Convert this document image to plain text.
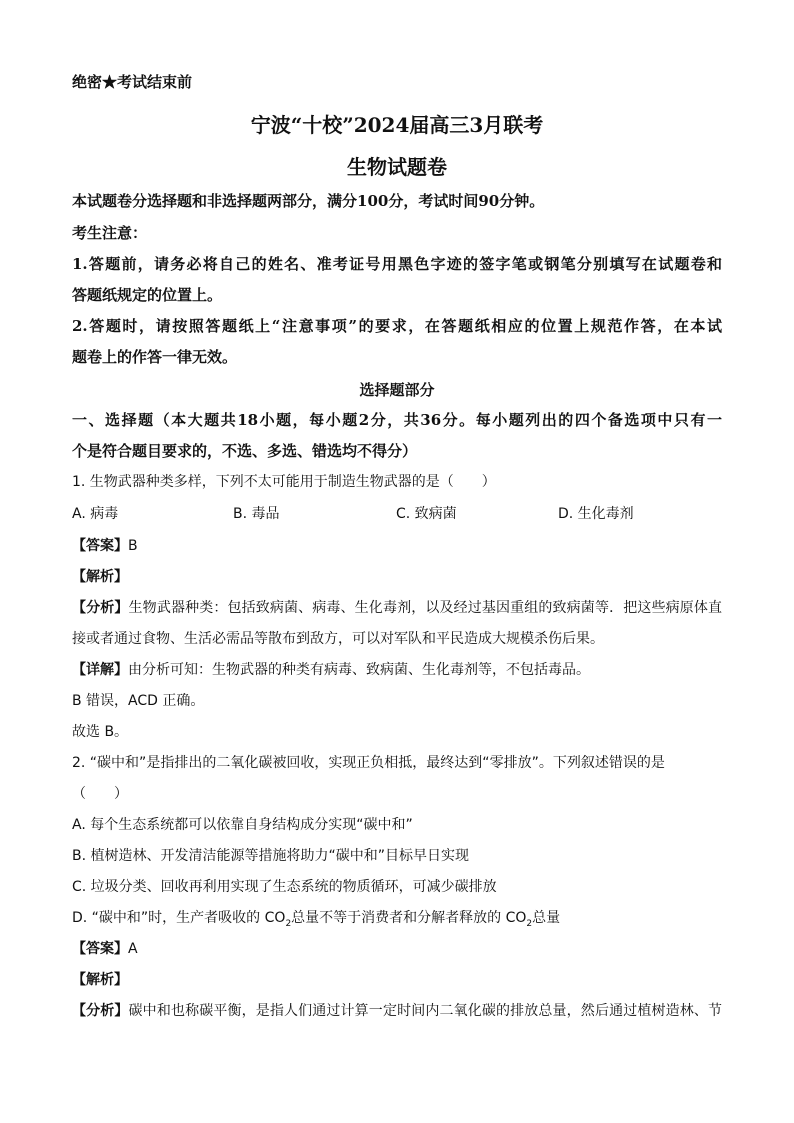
绝密★考试结束前
宁波“十校”2024届高三3月联考
生物试题卷
本试题卷分选择题和非选择题两部分，满分100分，考试时间90分钟。
考生注意：
1.答题前，请务必将自己的姓名、准考证号用黑色字迹的签字笔或钢笔分别填写在试题卷和
答题纸规定的位置上。
2.答题时，请按照答题纸上“注意事项”的要求，在答题纸相应的位置上规范作答，在本试
题卷上的作答一律无效。
选择题部分
一、选择题（本大题共18小题，每小题2分，共36分。每小题列出的四个备选项中只有一
个是符合题目要求的，不选、多选、错选均不得分）
1. 生物武器种类多样，下列不太可能用于制造生物武器的是（　　）
A. 病毒	B. 毒品	C. 致病菌	D. 生化毒剂
【答案】B
【解析】
【分析】生物武器种类：包括致病菌、病毒、生化毒剂，以及经过基因重组的致病菌等．把这些病原体直
接或者通过食物、生活必需品等散布到敌方，可以对军队和平民造成大规模杀伤后果。
【详解】由分析可知：生物武器的种类有病毒、致病菌、生化毒剂等，不包括毒品。
B 错误，ACD 正确。
故选 B。
2. “碳中和”是指排出的二氧化碳被回收，实现正负相抵，最终达到“零排放”。下列叙述错误的是
（　　）
A. 每个生态系统都可以依靠自身结构成分实现“碳中和”
B. 植树造林、开发清洁能源等措施将助力“碳中和”目标早日实现
C. 垃圾分类、回收再利用实现了生态系统的物质循环，可减少碳排放
D. “碳中和”时，生产者吸收的 $CO_2$总量不等于消费者和分解者释放的 $CO_2$总量
【答案】A
【解析】
【分析】碳中和也称碳平衡，是指人们通过计算一定时间内二氧化碳的排放总量，然后通过植树造林、节
